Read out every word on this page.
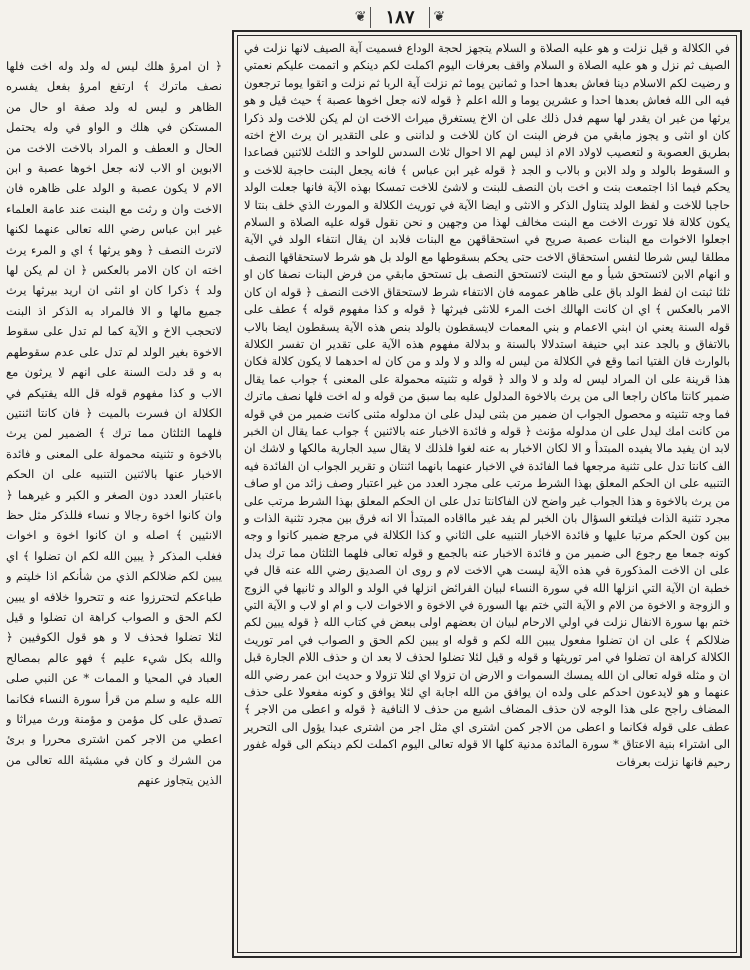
❦	١٨٧	❦

في الكلالة و قيل نزلت و هو عليه الصلاة و السلام يتجهز لحجة الوداع فسميت آية الصيف لانها نزلت في الصيف ثم نزل و هو عليه الصلاة و السلام واقف بعرفات اليوم اكملت لكم دينكم و اتممت عليكم نعمتي و رضيت لكم الاسلام دينا فعاش بعدها احدا و ثمانين يوما ثم نزلت آية الربا ثم نزلت و اتقوا يوما ترجعون فيه الى الله فعاش بعدها احدا و عشرين يوما و الله اعلم ﴿ قوله لانه جعل اخوها عصبة ﴾ حيث قيل و هو يرثها من غير ان يقدر لها سهم فدل ذلك على ان الاخ يستغرق ميراث الاخت ان لم يكن للاخت ولد ذكرا كان او انثى و يجوز مابقي من فرض البنت ان كان للاخت و لداننى و على التقدير ان يرث الاخ اخته بطريق العصوبة و لتعصيب لاولاد الام اذ ليس لهم الا احوال ثلاث السدس للواحد و الثلث للاثنين فصاعدا و السقوط بالولد و ولد الابن و بالاب و الجد ﴿ قوله غير ابن عباس ﴾ فانه يجعل البنت حاجبة للاخت و يحكم فيما اذا اجتمعت بنت و اخت بان النصف للبنت و لاشئ للاخت تمسكا بهذه الآية فانها جعلت الولد حاجبا للاخت و لفظ الولد يتناول الذكر و الانثى و ايضا الآية في توريث الكلالة و المورث الذي خلف بنتا لا يكون كلالة فلا تورث الاخت مع البنت مخالف لهذا من وجهين و نحن نقول قوله عليه الصلاة و السلام اجعلوا الاخوات مع البنات عصبة صريح في استحقاقهن مع البنات فلابد ان يقال انتفاء الولد في الآية مطلقا ليس شرطا لنفس استحقاق الاخت حتى يحكم بسقوطها مع الولد بل هو شرط لاستحقاقها النصف و انهام الابن لاتستحق شيأ و مع البنت لاتستحق النصف بل تستحق مابقي من فرض البنات نصفا كان او ثلثا ثبتت ان لفظ الولد باق على ظاهر عمومه فان الانتفاء شرط لاستحقاق الاخت النصف ﴿ قوله ان كان الامر بالعكس ﴾ اي ان كانت الهالك اخت المرء للانثى فيرثها ﴿ قوله و كذا مفهوم قوله ﴾ عطف على قوله السنة يعني ان ابني الاعمام و بني المعمات لايسقطون بالولد بنص هذه الآية يسقطون ايضا بالاب بالاتفاق و بالجد عند ابي حنيفة استدلالا بالسنة و بدلالة مفهوم هذه الآية على تقدير ان تفسر الكلالة بالوارث فان الفتيا انما وقع في الكلالة من ليس له والد و لا ولد و من كان له احدهما لا يكون كلالة فكان هذا قرينة على ان المراد ليس له ولد و لا والد ﴿ قوله و تثنيته محمولة على المعنى ﴾ جواب عما يقال ضمير كانتا ماكان راجعا الى من يرث بالاخوة المدلول عليه بما سبق من قوله و له اخت فلها نصف ماترك فما وجه تثنيته و محصول الجواب ان ضمير من بثنى ليدل على ان مدلوله مثنى كانت ضمير من في قوله من كانت امك ليدل على ان مدلوله مؤنث ﴿ قوله و فائدة الاخبار عنه بالاثنين ﴾ جواب عما يقال ان الخبر لابد ان يفيد مالا يفيده المبتدأ و الا لكان الاخبار به عنه لغوا فلذلك لا يقال سيد الجارية مالكها و لاشك ان الف كانتا تدل على تثنية مرجعها فما الفائدة في الاخبار عنهما بانهما اثنتان و تقرير الجواب ان الفائدة فيه التنبيه على ان الحكم المعلق بهذا الشرط مرتب على مجرد العدد من غير اعتبار وصف زائد من او صاف من يرث بالاخوة و هذا الجواب غير واضح لان الفاكانتا تدل على ان الحكم المعلق بهذا الشرط مرتب على مجرد تثنية الذات فيلتغو السؤال بان الخبر لم يفد غير مااقاده المبتدأ الا انه فرق بين مجرد تثنية الذات و بين كون الحكم مرتبا عليها و فائدة الاخبار التنبيه على الثاني و كذا الكلالة في مرجع ضمير كانوا و وجه كونه جمعا مع رجوع الى ضمير من و فائدة الاخبار عنه بالجمع و قوله تعالى فلهما الثلثان مما ترك يدل على ان الاخت المذكورة في هذه الآية ليست هي الاخت لام و روى ان الصديق رضي الله عنه قال في خطبة ان الآية التي انزلها الله في سورة النساء لبيان الفرائض انزلها في الولد و الوالد و ثانيها في الزوج و الزوجة و الاخوة من الام و الآية التي ختم بها السورة في الاخوة و الاخوات لاب و ام او لاب و الآية التي ختم بها سورة الانفال نزلت في اولي الارحام لبيان ان بعضهم اولى ببعض في كتاب الله ﴿ قوله يبين لكم ضلالكم ﴾ على ان ان تضلوا مفعول يبين الله لكم و قوله او يبين لكم الحق و الصواب في امر توريث الكلالة كراهة ان تضلوا في امر توريثها و قوله و قيل لئلا تضلوا لحذف لا بعد ان و حذف اللام الجارة قبل ان و مثله قوله تعالى ان الله يمسك السموات و الارض ان تزولا اي لئلا تزولا و حديث ابن عمر رضي الله عنهما و هو لايدعون احدكم على ولده ان يوافق من الله اجابة اي لئلا يوافق و كونه مفعولا على حذف المضاف راجح على هذا الوجه لان حذف المضاف اشيع من حذف لا النافية ﴿ قوله و اعطى من الاجر ﴾ عطف على قوله فكانما و اعطى من الاجر كمن اشترى اي مثل اجر من اشترى عبدا يؤول الى التحرير الى اشتراء بنية الاعتاق * سورة المائدة مدنية كلها الا قوله تعالى اليوم اكملت لكم دينكم الى قوله غفور رحيم فانها نزلت بعرفات

﴿ ان امرؤ هلك ليس له ولد وله اخت فلها نصف ماترك ﴾ ارتفع امرؤ بفعل يفسره الظاهر و ليس له ولد صفة او حال من المستكن في هلك و الواو في وله يحتمل الحال و العطف و المراد بالاخت الاخت من الابوين او الاب لانه جعل اخوها عصبة و ابن الام لا يكون عصبة و الولد على ظاهره فان الاخت وان و رثت مع البنت عند عامة العلماء غير ابن عباس رضي الله تعالى عنهما لكنها لاترث النصف ﴿ وهو يرثها ﴾ اي و المرء يرث اخته ان كان الامر بالعكس ﴿ ان لم يكن لها ولد ﴾ ذكرا كان او انثى ان اريد بيرثها يرث جميع مالها و الا فالمراد به الذكر اذ البنت لاتحجب الاخ و الآية كما لم تدل على سقوط الاخوة بغير الولد لم تدل على عدم سقوطهم به و قد دلت السنة على انهم لا يرثون مع الاب و كذا مفهوم قوله قل الله يفتيكم في الكلالة ان فسرت بالميت ﴿ فان كانتا اثنتين فلهما الثلثان مما ترك ﴾ الضمير لمن يرث بالاخوة و تثنيته محمولة على المعنى و فائدة الاخبار عنها بالاثنين التنبيه على ان الحكم باعتبار العدد دون الصغر و الكبر و غيرهما ﴿ وان كانوا اخوة رجالا و نساء فللذكر مثل حظ الانثيين ﴾ اصله و ان كانوا اخوة و اخوات فغلب المذكر ﴿ يبين الله لكم ان تضلوا ﴾ اي يبين لكم ضلالكم الذي من شأنكم اذا خليتم و طباعكم لتحترزوا عنه و تتحروا خلافه او يبين لكم الحق و الصواب كراهة ان تضلوا و قيل لئلا تضلوا فحذف لا و هو قول الكوفيين ﴿ والله بكل شيء عليم ﴾ فهو عالم بمصالح العباد في المحيا و الممات * عن النبي صلى الله عليه و سلم من قرأ سورة النساء فكانما تصدق على كل مؤمن و مؤمنة ورث ميراثا و اعطي من الاجر كمن اشترى محررا و برئ من الشرك و كان في مشيئة الله تعالى من الذين يتجاوز عنهم
